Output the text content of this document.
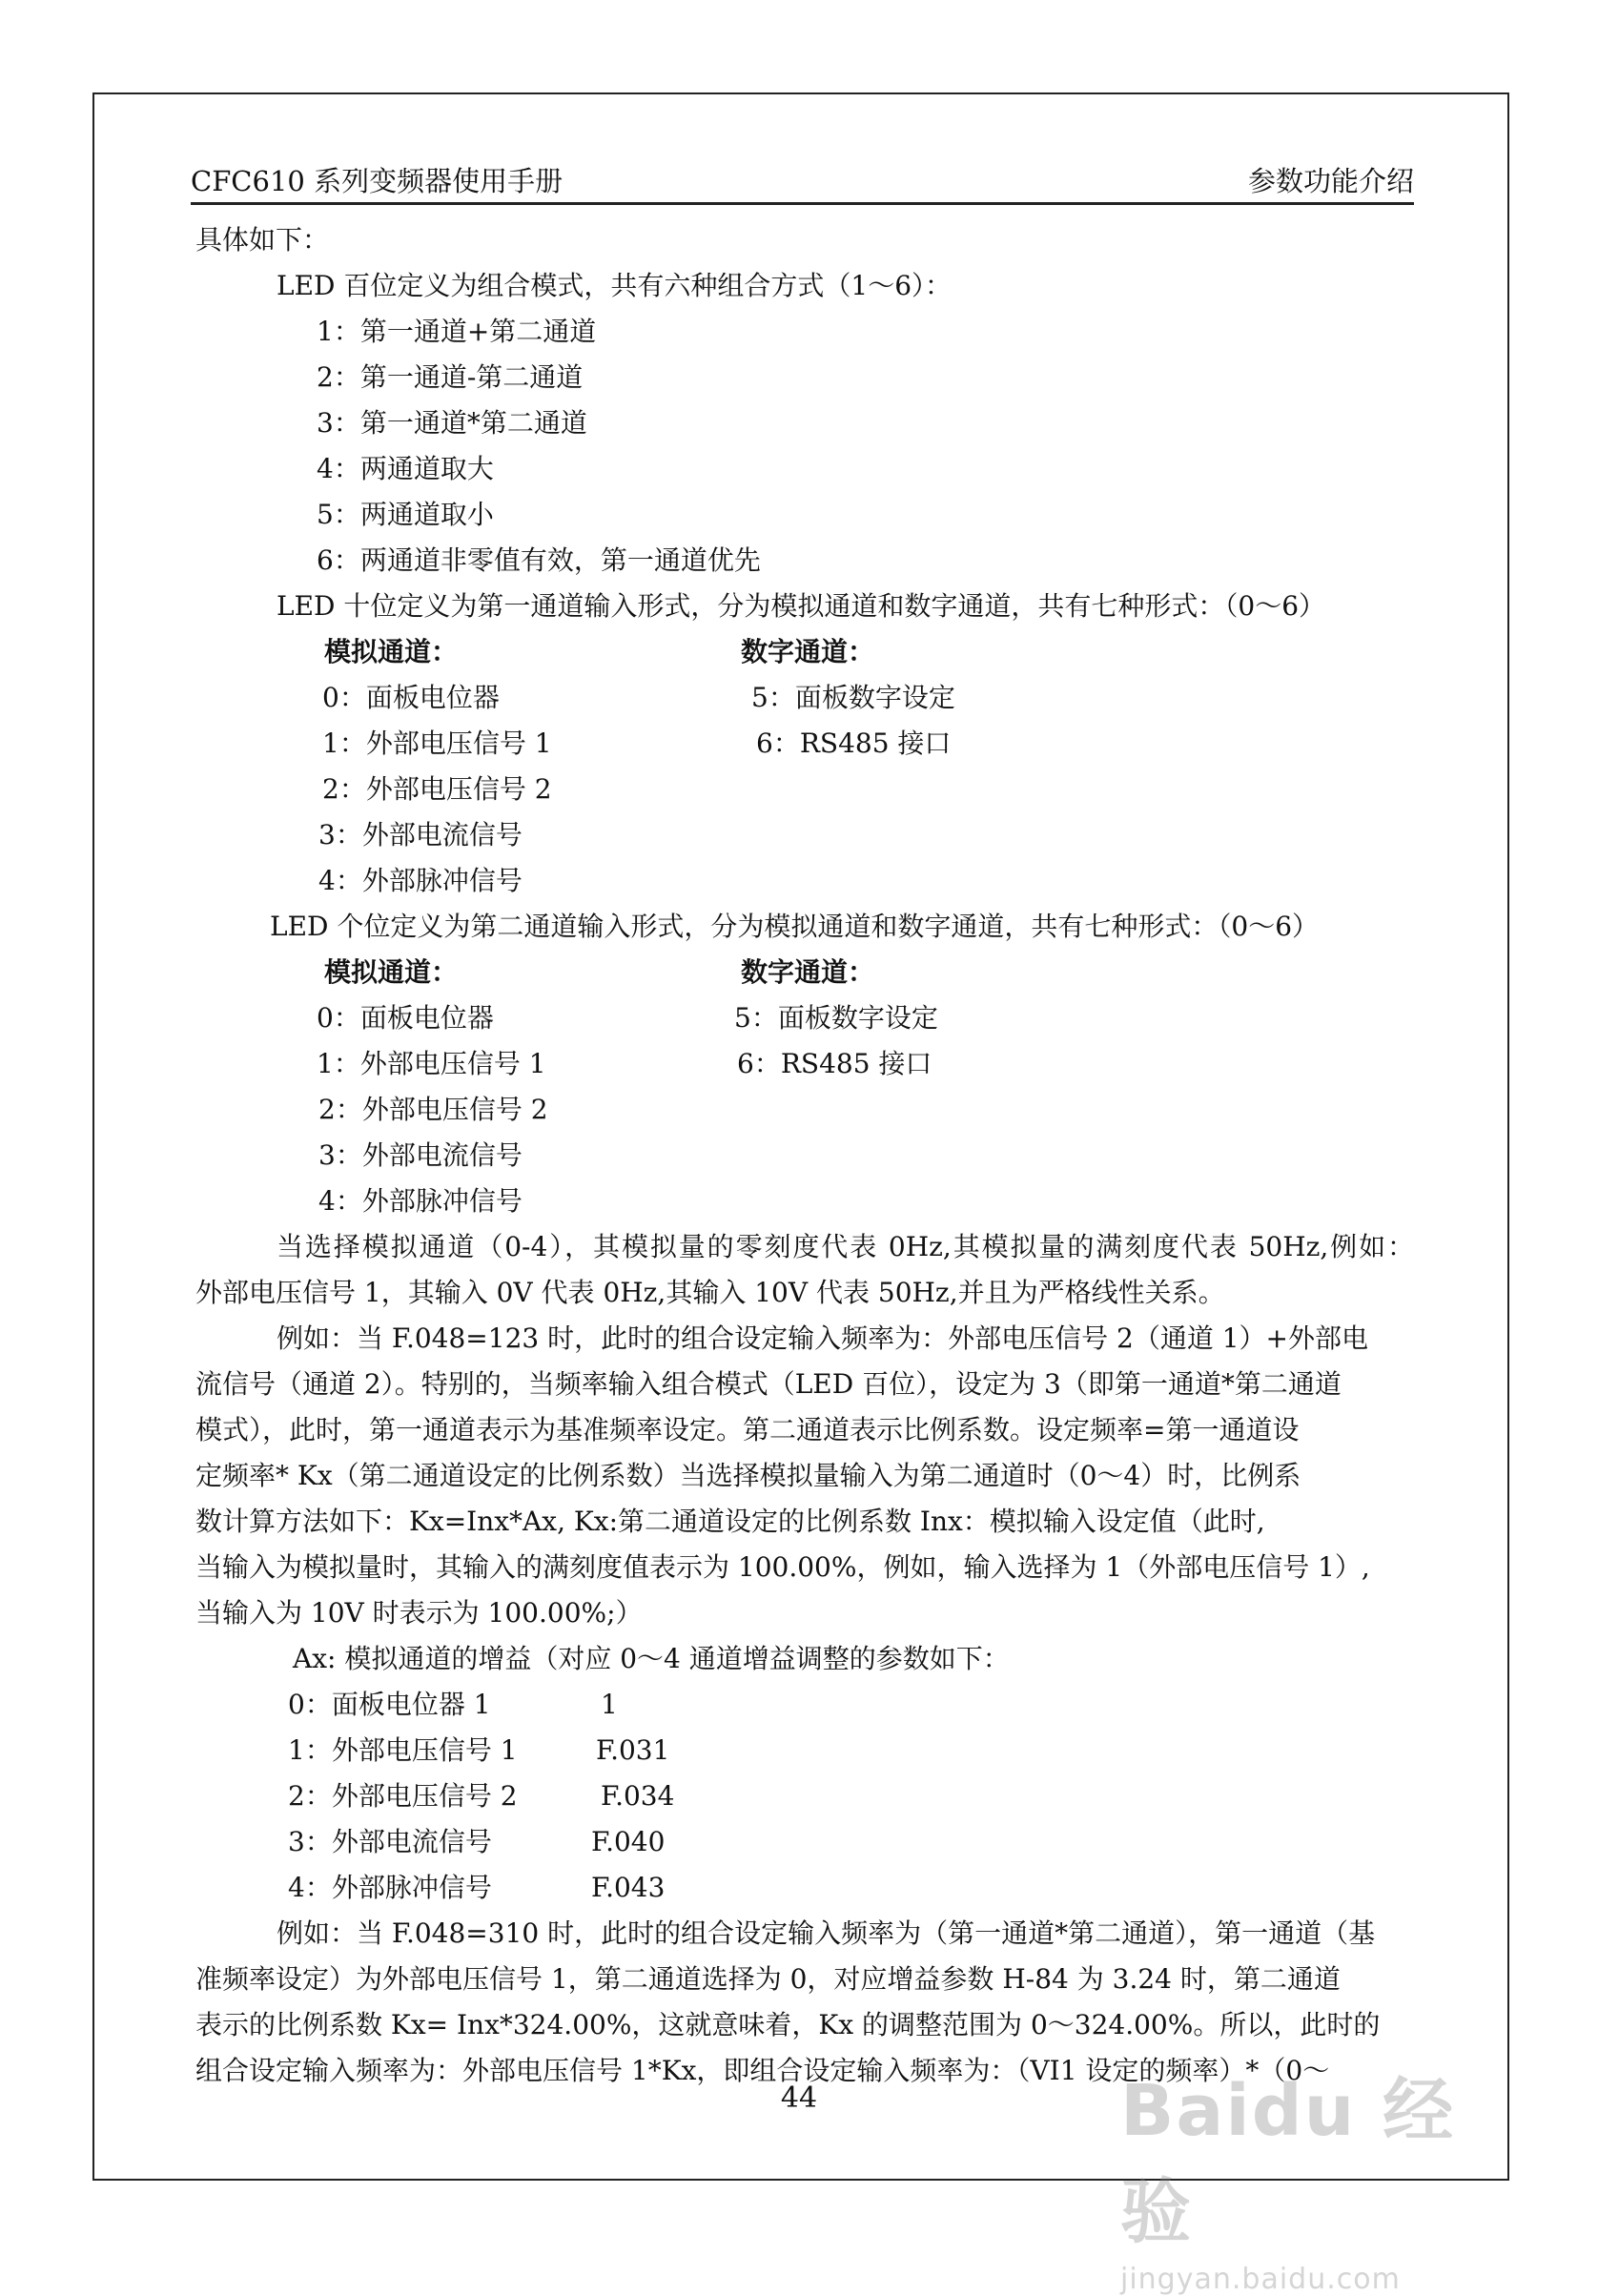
CFC610 系列变频器使用手册	参数功能介绍
具体如下：
LED 百位定义为组合模式，共有六种组合方式（1～6）：
1：第一通道+第二通道
2：第一通道-第二通道
3：第一通道*第二通道
4：两通道取大
5：两通道取小
6：两通道非零值有效，第一通道优先
LED 十位定义为第一通道输入形式，分为模拟通道和数字通道，共有七种形式：（0～6）
模拟通道：	数字通道：
0：面板电位器	5：面板数字设定
1：外部电压信号 1	6：RS485 接口
2：外部电压信号 2
3：外部电流信号
4：外部脉冲信号
LED 个位定义为第二通道输入形式，分为模拟通道和数字通道，共有七种形式：（0～6）
模拟通道：	数字通道：
0：面板电位器	5：面板数字设定
1：外部电压信号 1	6：RS485 接口
2：外部电压信号 2
3：外部电流信号
4：外部脉冲信号
当选择模拟通道（0-4），其模拟量的零刻度代表 0Hz,其模拟量的满刻度代表 50Hz,例如：
外部电压信号 1，其输入 0V 代表 0Hz,其输入 10V 代表 50Hz,并且为严格线性关系。
例如：当 F.048=123 时，此时的组合设定输入频率为：外部电压信号 2（通道 1）+外部电
流信号（通道 2）。特别的，当频率输入组合模式（LED 百位），设定为 3（即第一通道*第二通道
模式），此时，第一通道表示为基准频率设定。第二通道表示比例系数。设定频率=第一通道设
定频率* Kx（第二通道设定的比例系数）当选择模拟量输入为第二通道时（0～4）时，比例系
数计算方法如下：Kx=Inx*Ax, Kx:第二通道设定的比例系数 Inx：模拟输入设定值（此时,
当输入为模拟量时，其输入的满刻度值表示为 100.00%，例如，输入选择为 1（外部电压信号 1）,
当输入为 10V 时表示为 100.00%;）
Ax: 模拟通道的增益（对应 0～4 通道增益调整的参数如下：
0：面板电位器 1	1
1：外部电压信号 1	F.031
2：外部电压信号 2	F.034
3：外部电流信号	F.040
4：外部脉冲信号	F.043
例如：当 F.048=310 时，此时的组合设定输入频率为（第一通道*第二通道），第一通道（基
准频率设定）为外部电压信号 1，第二通道选择为 0，对应增益参数 H-84 为 3.24 时，第二通道
表示的比例系数 Kx= Inx*324.00%，这就意味着，Kx 的调整范围为 0～324.00%。所以，此时的
组合设定输入频率为：外部电压信号 1*Kx，即组合设定输入频率为：（VI1 设定的频率）*（0～
44	Baidu 经验
jingyan.baidu.com
